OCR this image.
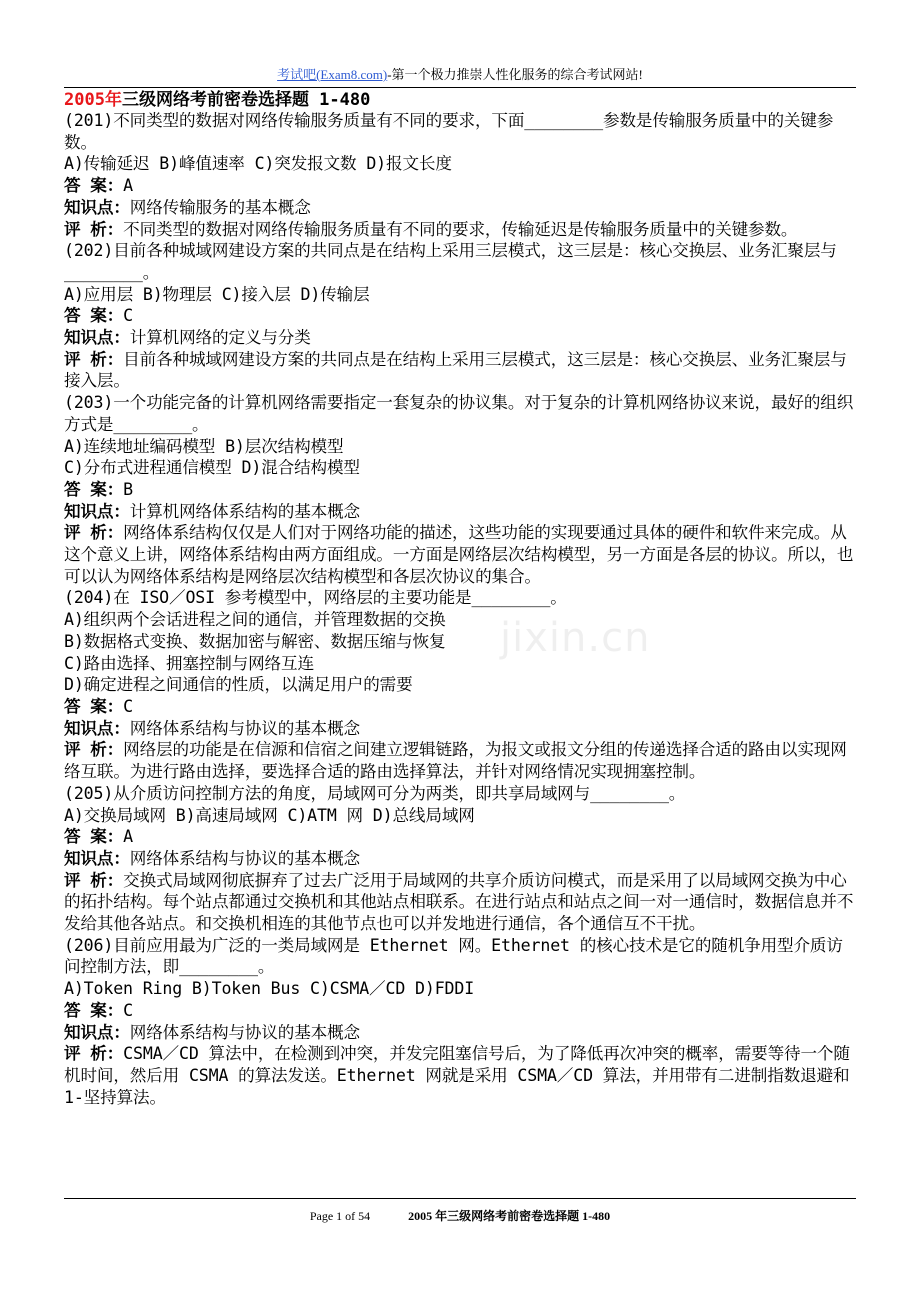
考试吧(Exam8.com)-第一个极力推崇人性化服务的综合考试网站!
2005年三级网络考前密卷选择题 1-480

(201)不同类型的数据对网络传输服务质量有不同的要求，下面________参数是传输服务质量中的关键参数。

A)传输延迟 B)峰值速率 C)突发报文数 D)报文长度

答 案：A

知识点：网络传输服务的基本概念

评 析：不同类型的数据对网络传输服务质量有不同的要求，传输延迟是传输服务质量中的关键参数。

(202)目前各种城域网建设方案的共同点是在结构上采用三层模式，这三层是：核心交换层、业务汇聚层与________。

A)应用层 B)物理层 C)接入层 D)传输层

答 案：C

知识点：计算机网络的定义与分类

评 析：目前各种城域网建设方案的共同点是在结构上采用三层模式，这三层是：核心交换层、业务汇聚层与接入层。

(203)一个功能完备的计算机网络需要指定一套复杂的协议集。对于复杂的计算机网络协议来说，最好的组织方式是________。

A)连续地址编码模型 B)层次结构模型

C)分布式进程通信模型 D)混合结构模型

答 案：B

知识点：计算机网络体系结构的基本概念

评 析：网络体系结构仅仅是人们对于网络功能的描述，这些功能的实现要通过具体的硬件和软件来完成。从这个意义上讲，网络体系结构由两方面组成。一方面是网络层次结构模型，另一方面是各层的协议。所以，也可以认为网络体系结构是网络层次结构模型和各层次协议的集合。

(204)在 ISO／OSI 参考模型中，网络层的主要功能是________。

A)组织两个会话进程之间的通信，并管理数据的交换

B)数据格式变换、数据加密与解密、数据压缩与恢复

C)路由选择、拥塞控制与网络互连

D)确定进程之间通信的性质，以满足用户的需要

答 案：C

知识点：网络体系结构与协议的基本概念

评 析：网络层的功能是在信源和信宿之间建立逻辑链路，为报文或报文分组的传递选择合适的路由以实现网络互联。为进行路由选择，要选择合适的路由选择算法，并针对网络情况实现拥塞控制。

(205)从介质访问控制方法的角度，局域网可分为两类，即共享局域网与________。

A)交换局域网 B)高速局域网 C)ATM 网 D)总线局域网

答 案：A

知识点：网络体系结构与协议的基本概念

评 析：交换式局域网彻底摒弃了过去广泛用于局域网的共享介质访问模式，而是采用了以局域网交换为中心的拓扑结构。每个站点都通过交换机和其他站点相联系。在进行站点和站点之间一对一通信时，数据信息并不发给其他各站点。和交换机相连的其他节点也可以并发地进行通信，各个通信互不干扰。

(206)目前应用最为广泛的一类局域网是 Ethernet 网。Ethernet 的核心技术是它的随机争用型介质访问控制方法，即________。

A)Token Ring B)Token Bus C)CSMA／CD D)FDDI

答 案：C

知识点：网络体系结构与协议的基本概念

评 析：CSMA／CD 算法中，在检测到冲突，并发完阻塞信号后，为了降低再次冲突的概率，需要等待一个随机时间，然后用 CSMA 的算法发送。Ethernet 网就是采用 CSMA／CD 算法，并用带有二进制指数退避和 1-坚持算法。

jixin.cn
Page 1 of 54	2005 年三级网络考前密卷选择题 1-480
